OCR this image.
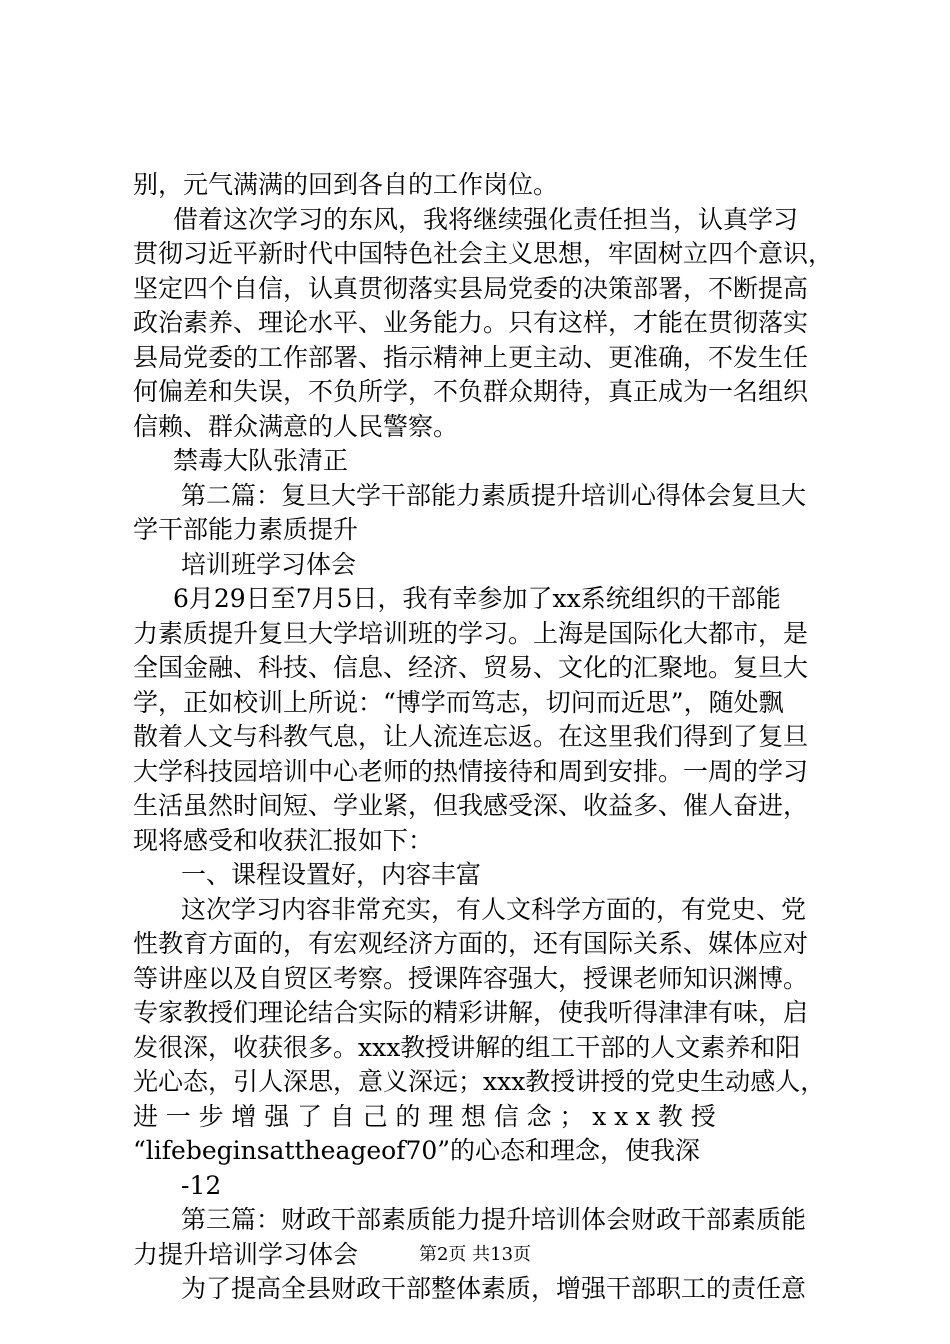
别，元气满满的回到各自的工作岗位。
借着这次学习的东风，我将继续强化责任担当，认真学习
贯彻习近平新时代中国特色社会主义思想，牢固树立四个意识，
坚定四个自信，认真贯彻落实县局党委的决策部署，不断提高
政治素养、理论水平、业务能力。只有这样，才能在贯彻落实
县局党委的工作部署、指示精神上更主动、更准确，不发生任
何偏差和失误，不负所学，不负群众期待，真正成为一名组织
信赖、群众满意的人民警察。
禁毒大队张清正
第二篇：复旦大学干部能力素质提升培训心得体会复旦大
学干部能力素质提升
培训班学习体会
6月29日至7月5日，我有幸参加了xx系统组织的干部能
力素质提升复旦大学培训班的学习。上海是国际化大都市，是
全国金融、科技、信息、经济、贸易、文化的汇聚地。复旦大
学，正如校训上所说：“博学而笃志，切问而近思”，随处飘
散着人文与科教气息，让人流连忘返。在这里我们得到了复旦
大学科技园培训中心老师的热情接待和周到安排。一周的学习
生活虽然时间短、学业紧，但我感受深、收益多、催人奋进，
现将感受和收获汇报如下：
一、课程设置好，内容丰富
这次学习内容非常充实，有人文科学方面的，有党史、党
性教育方面的，有宏观经济方面的，还有国际关系、媒体应对
等讲座以及自贸区考察。授课阵容强大，授课老师知识渊博。
专家教授们理论结合实际的精彩讲解，使我听得津津有味，启
发很深，收获很多。xxx教授讲解的组工干部的人文素养和阳
光心态，引人深思，意义深远；xxx教授讲授的党史生动感人，
进一步增强了自己的理想信念；xxx教授
“lifebeginsattheageof70”的心态和理念，使我深
-12
第三篇：财政干部素质能力提升培训体会财政干部素质能
力提升培训学习体会
为了提高全县财政干部整体素质，增强干部职工的责任意
第2页 共13页
